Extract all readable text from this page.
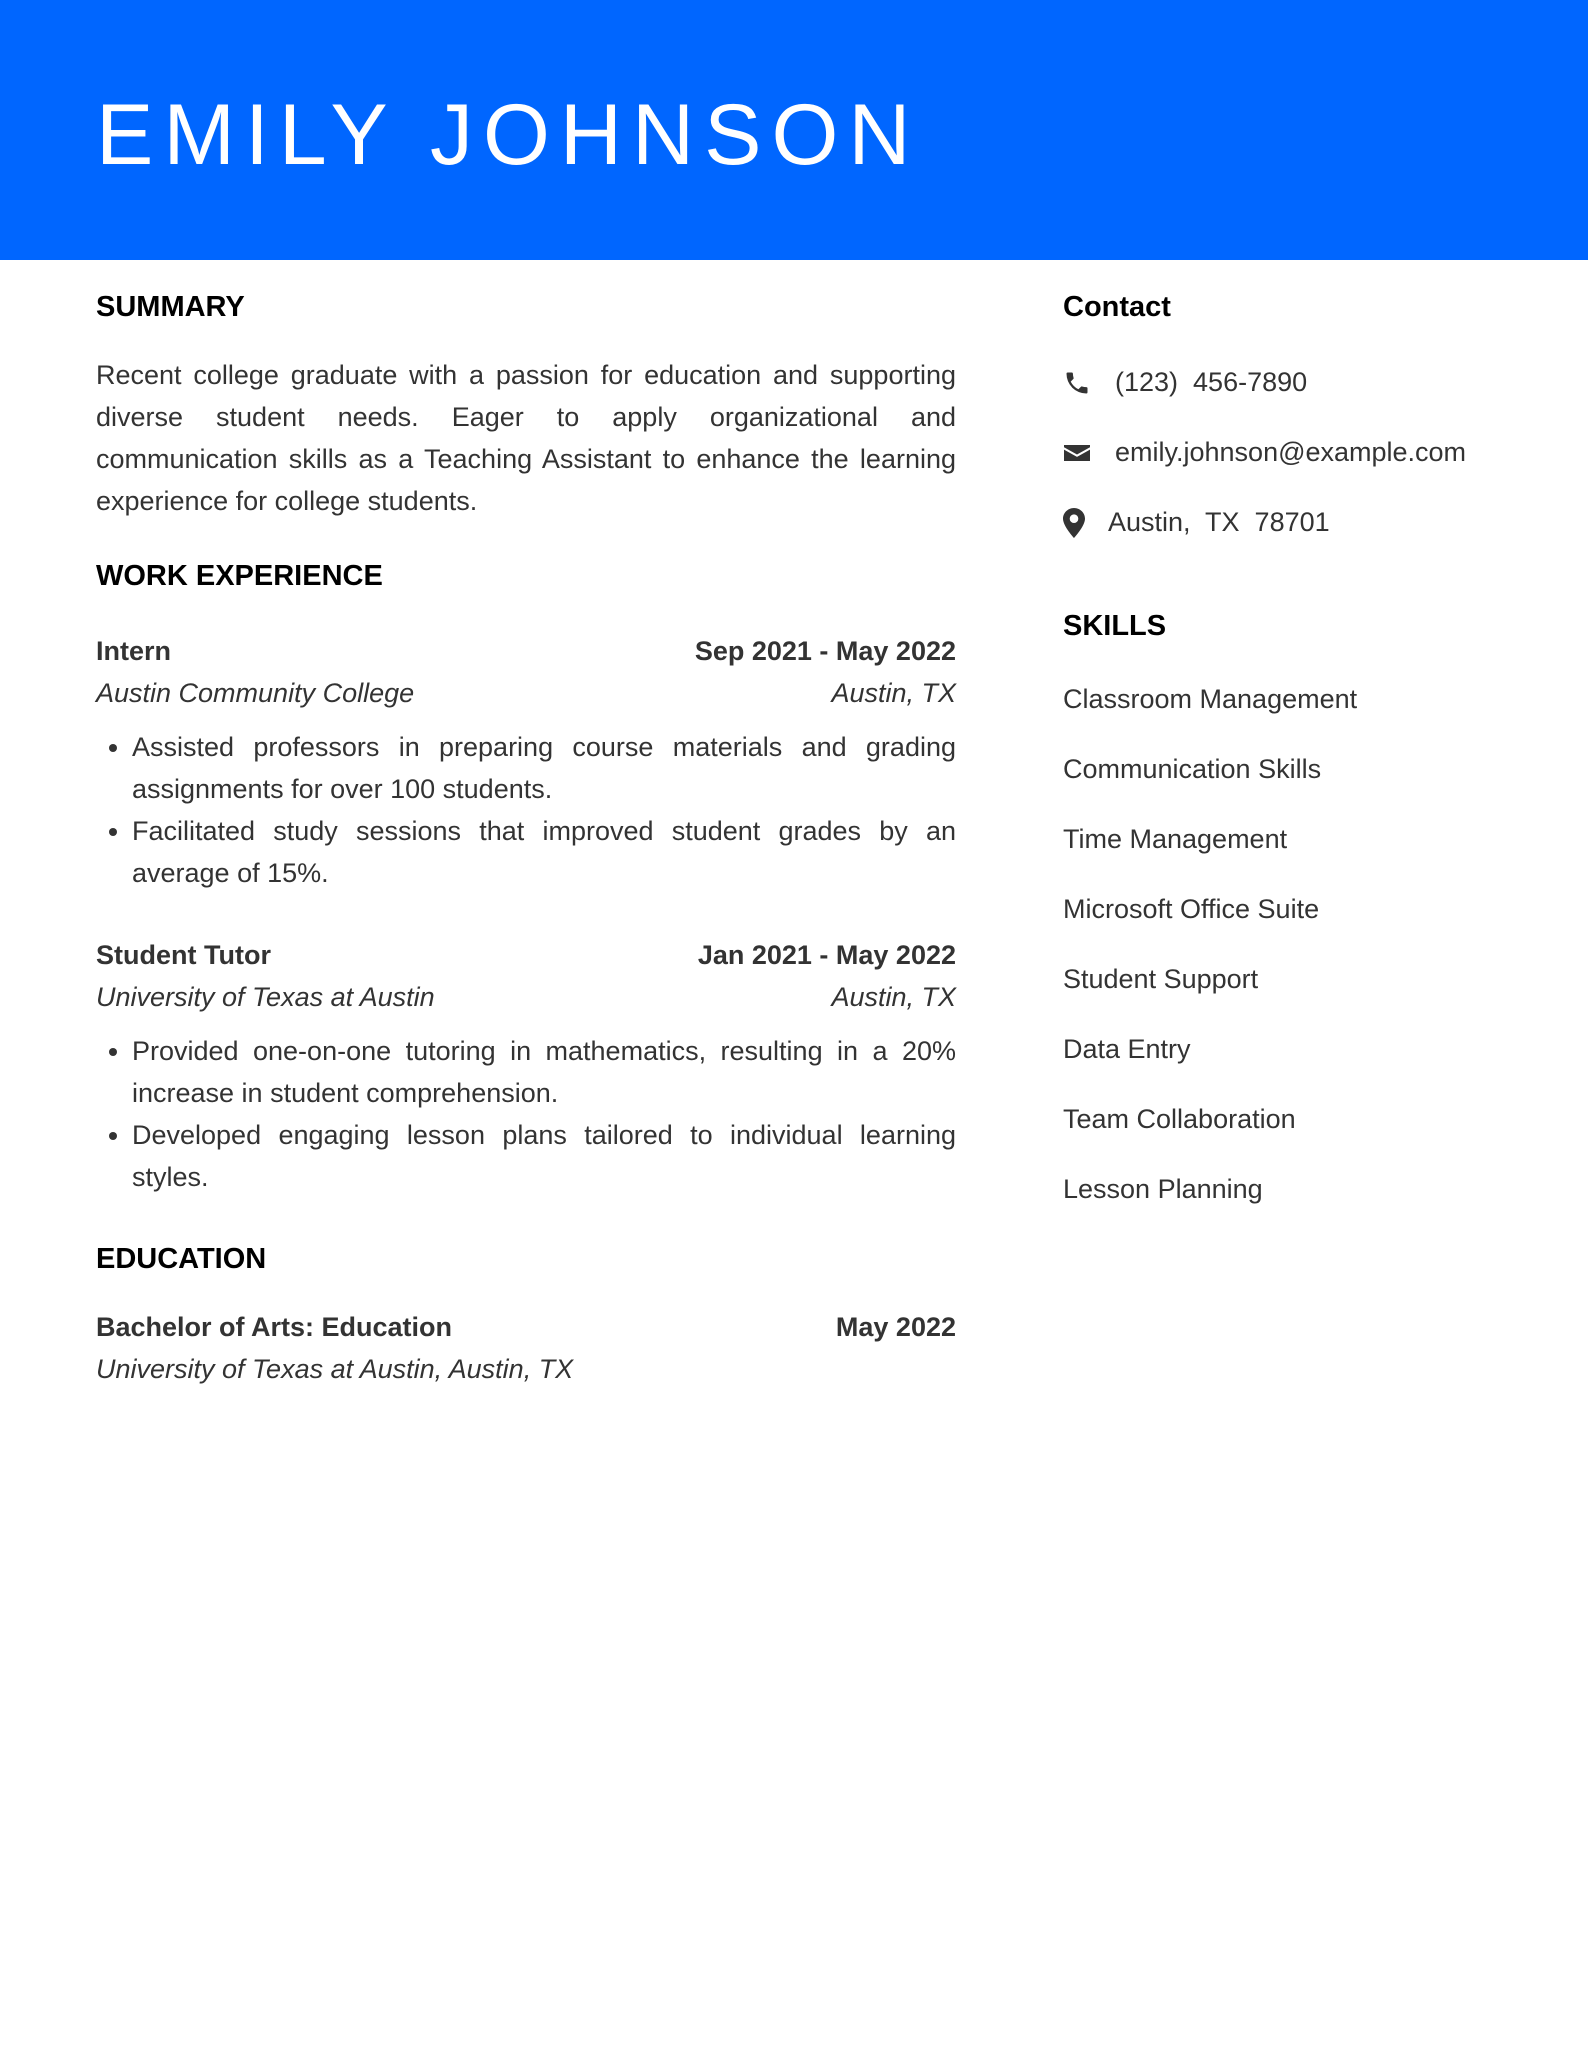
EMILY JOHNSON
SUMMARY

Recent college graduate with a passion for education and supporting diverse student needs. Eager to apply organizational and communication skills as a Teaching Assistant to enhance the learning experience for college students.

WORK EXPERIENCE
Intern	Sep 2021 - May 2022
Austin Community College	Austin, TX
• Assisted professors in preparing course materials and grading assignments for over 100 students.
• Facilitated study sessions that improved student grades by an average of 15%.
Student Tutor	Jan 2021 - May 2022
University of Texas at Austin	Austin, TX
• Provided one-on-one tutoring in mathematics, resulting in a 20% increase in student comprehension.
• Developed engaging lesson plans tailored to individual learning styles.
EDUCATION
Bachelor of Arts: Education	May 2022
University of Texas at Austin, Austin, TX
Contact
(123)  456-7890
emily.johnson@example.com
Austin,  TX  78701
SKILLS
Classroom Management
Communication Skills
Time Management
Microsoft Office Suite
Student Support
Data Entry
Team Collaboration
Lesson Planning
